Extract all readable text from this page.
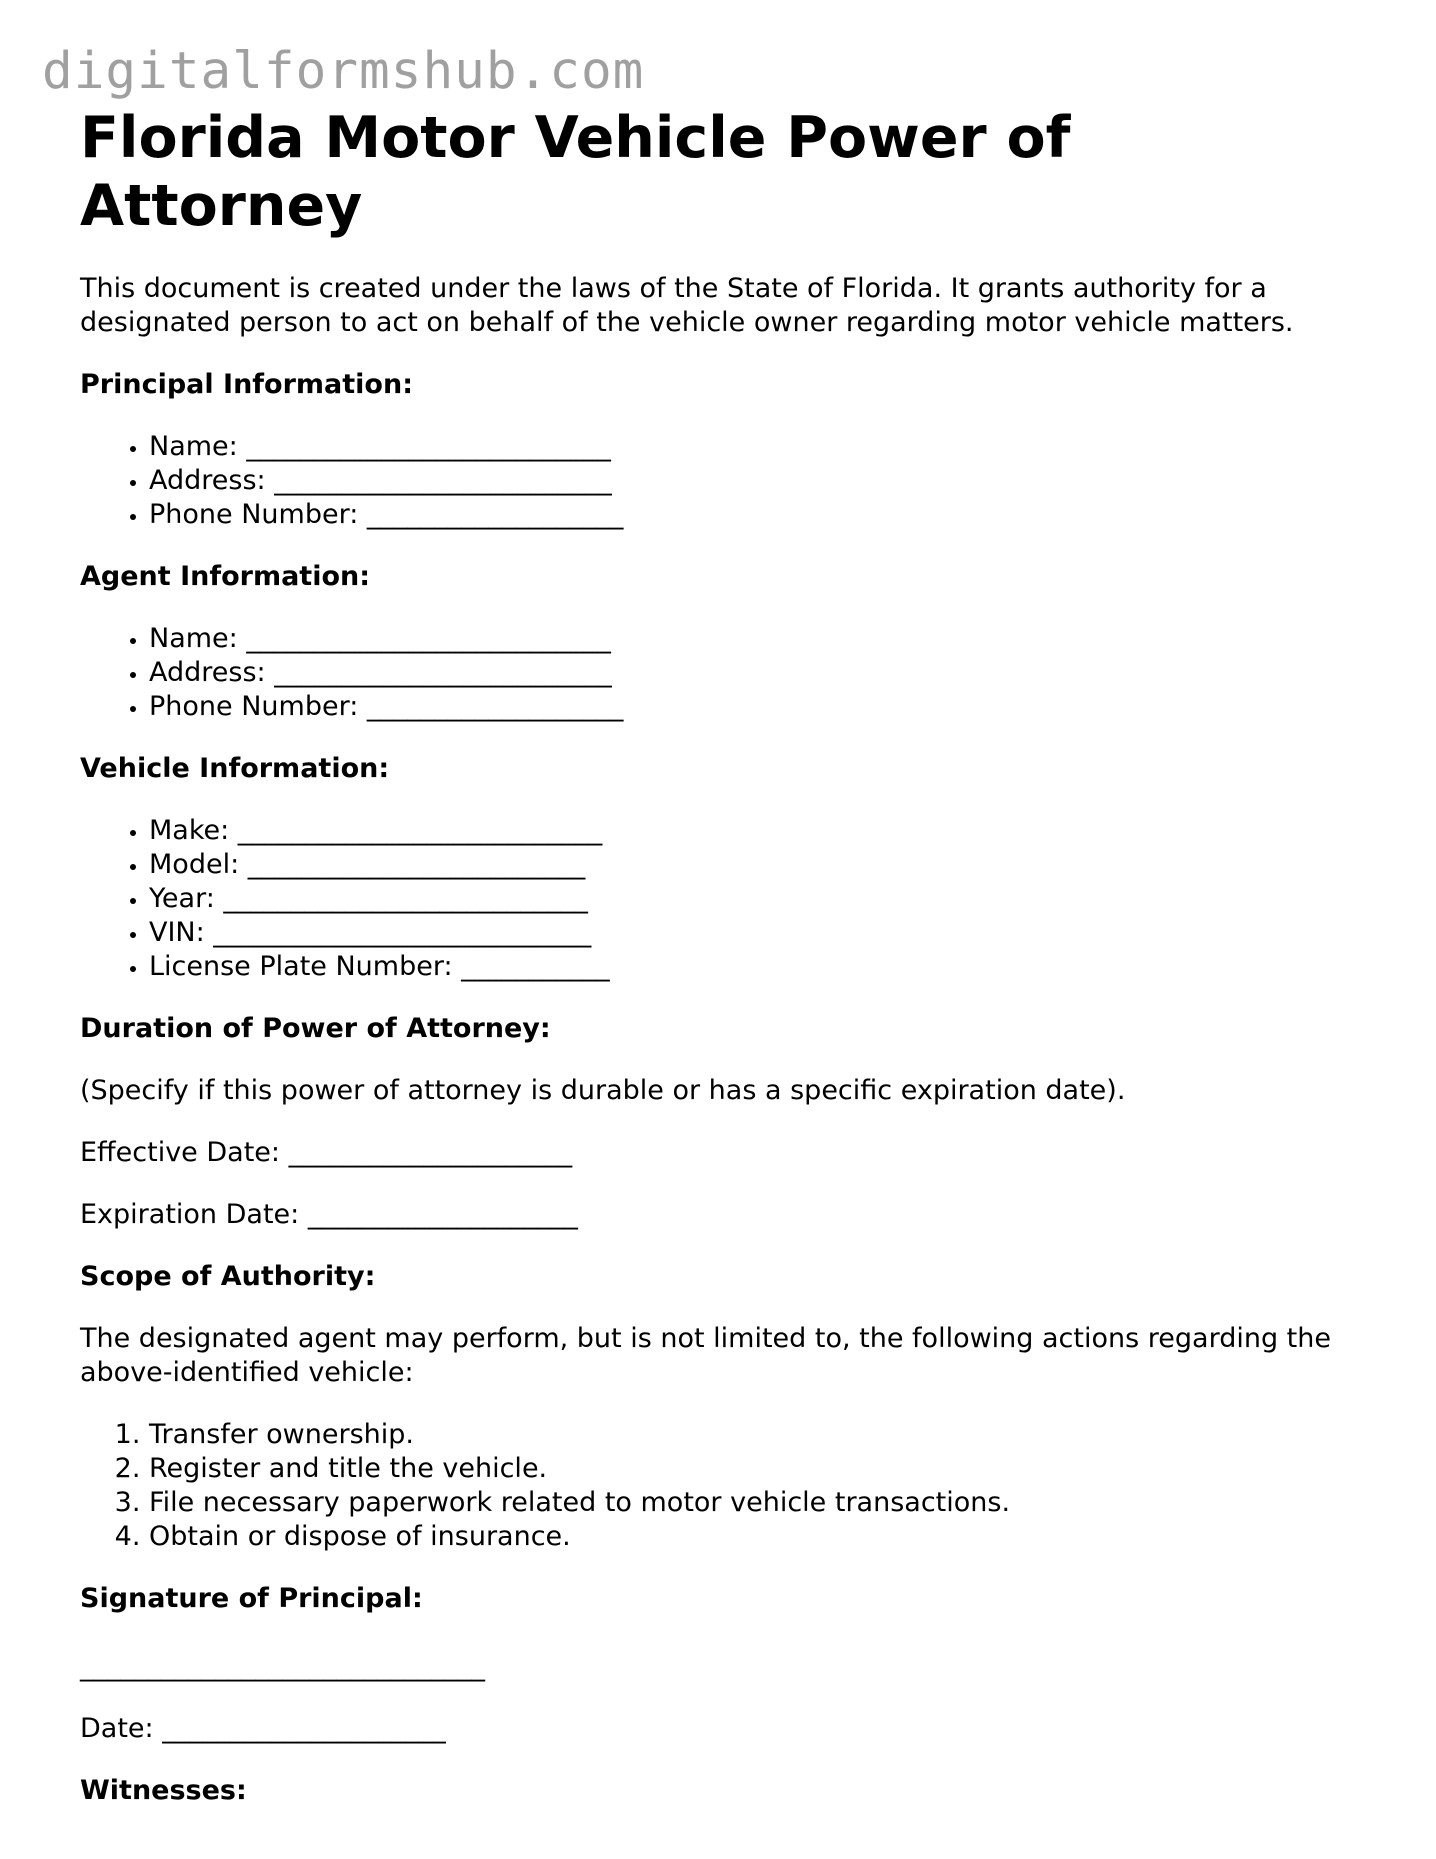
digitalformshub.com
Florida Motor Vehicle Power of Attorney

This document is created under the laws of the State of Florida. It grants authority for a designated person to act on behalf of the vehicle owner regarding motor vehicle matters.

Principal Information:
• Name: ___________________________
• Address: _________________________
• Phone Number: ___________________
Agent Information:
• Name: ___________________________
• Address: _________________________
• Phone Number: ___________________
Vehicle Information:
• Make: ___________________________
• Model: _________________________
• Year: ___________________________
• VIN: ____________________________
• License Plate Number: ___________
Duration of Power of Attorney:

(Specify if this power of attorney is durable or has a specific expiration date).

Effective Date: _____________________

Expiration Date: ____________________

Scope of Authority:

The designated agent may perform, but is not limited to, the following actions regarding the above-identified vehicle:

1. Transfer ownership.
2. Register and title the vehicle.
3. File necessary paperwork related to motor vehicle transactions.
4. Obtain or dispose of insurance.
Signature of Principal:

______________________________

Date: _____________________

Witnesses:
